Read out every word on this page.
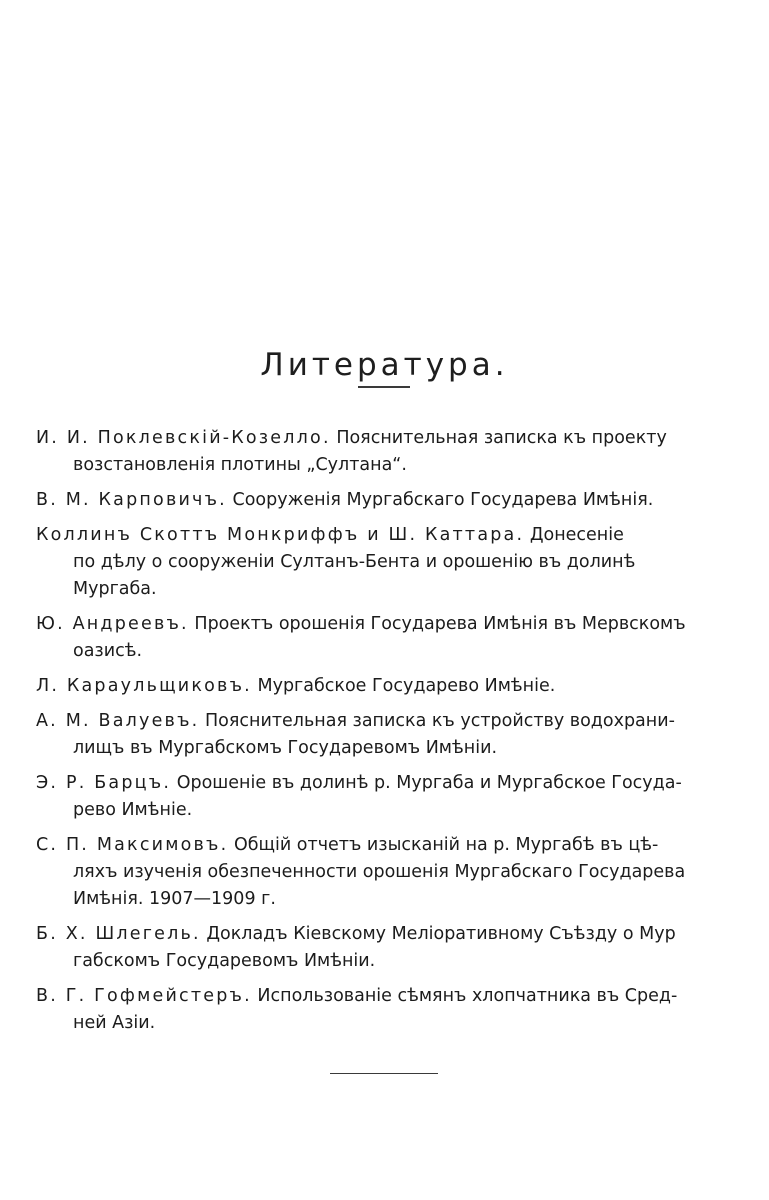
Литература.
И. И. Поклевскій-Козелло. Пояснительная записка къ проекту
возстановленія плотины „Султана“.
В. М. Карповичъ. Сооруженія Мургабскаго Государева Имѣнія.
Коллинъ Скоттъ Монкриффъ и Ш. Каттара. Донесеніе
по дѣлу о сооруженіи Султанъ-Бента и орошенію въ долинѣ
Мургаба.
Ю. Андреевъ. Проектъ орошенія Государева Имѣнія въ Мервскомъ
оазисѣ.
Л. Караульщиковъ. Мургабское Государево Имѣніе.
А. М. Валуевъ. Пояснительная записка къ устройству водохрани-
лищъ въ Мургабскомъ Государевомъ Имѣніи.
Э. Р. Барцъ. Орошеніе въ долинѣ р. Мургаба и Мургабское Госуда-
рево Имѣніе.
С. П. Максимовъ. Общій отчетъ изысканій на р. Мургабѣ въ цѣ-
ляхъ изученія обезпеченности орошенія Мургабскаго Государева
Имѣнія. 1907—1909 г.
Б. Х. Шлегель. Докладъ Кіевскому Меліоративному Съѣзду о Мур
габскомъ Государевомъ Имѣніи.
В. Г. Гофмейстеръ. Использованіе сѣмянъ хлопчатника въ Сред-
ней Азіи.
